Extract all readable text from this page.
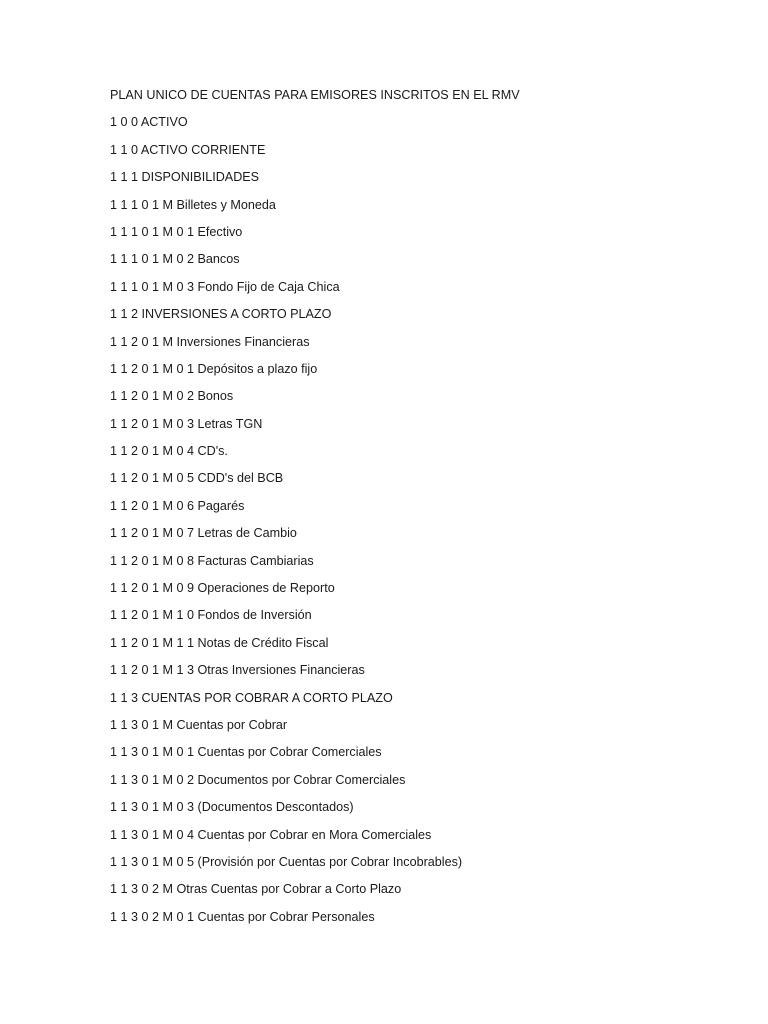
PLAN UNICO DE CUENTAS PARA EMISORES INSCRITOS EN EL RMV
1 0 0 ACTIVO
1 1 0 ACTIVO CORRIENTE
1 1 1 DISPONIBILIDADES
1 1 1 0 1 M Billetes y Moneda
1 1 1 0 1 M 0 1 Efectivo
1 1 1 0 1 M 0 2 Bancos
1 1 1 0 1 M 0 3 Fondo Fijo de Caja Chica
1 1 2 INVERSIONES A CORTO PLAZO
1 1 2 0 1 M Inversiones Financieras
1 1 2 0 1 M 0 1 Depósitos a plazo fijo
1 1 2 0 1 M 0 2 Bonos
1 1 2 0 1 M 0 3 Letras TGN
1 1 2 0 1 M 0 4 CD's.
1 1 2 0 1 M 0 5 CDD's del BCB
1 1 2 0 1 M 0 6 Pagarés
1 1 2 0 1 M 0 7 Letras de Cambio
1 1 2 0 1 M 0 8 Facturas Cambiarias
1 1 2 0 1 M 0 9 Operaciones de Reporto
1 1 2 0 1 M 1 0 Fondos de Inversión
1 1 2 0 1 M 1 1 Notas de Crédito Fiscal
1 1 2 0 1 M 1 3 Otras Inversiones Financieras
1 1 3 CUENTAS POR COBRAR A CORTO PLAZO
1 1 3 0 1 M Cuentas por Cobrar
1 1 3 0 1 M 0 1 Cuentas por Cobrar Comerciales
1 1 3 0 1 M 0 2 Documentos por Cobrar Comerciales
1 1 3 0 1 M 0 3 (Documentos Descontados)
1 1 3 0 1 M 0 4 Cuentas por Cobrar en Mora Comerciales
1 1 3 0 1 M 0 5 (Provisión por Cuentas por Cobrar Incobrables)
1 1 3 0 2 M Otras Cuentas por Cobrar a Corto Plazo
1 1 3 0 2 M 0 1 Cuentas por Cobrar Personales
